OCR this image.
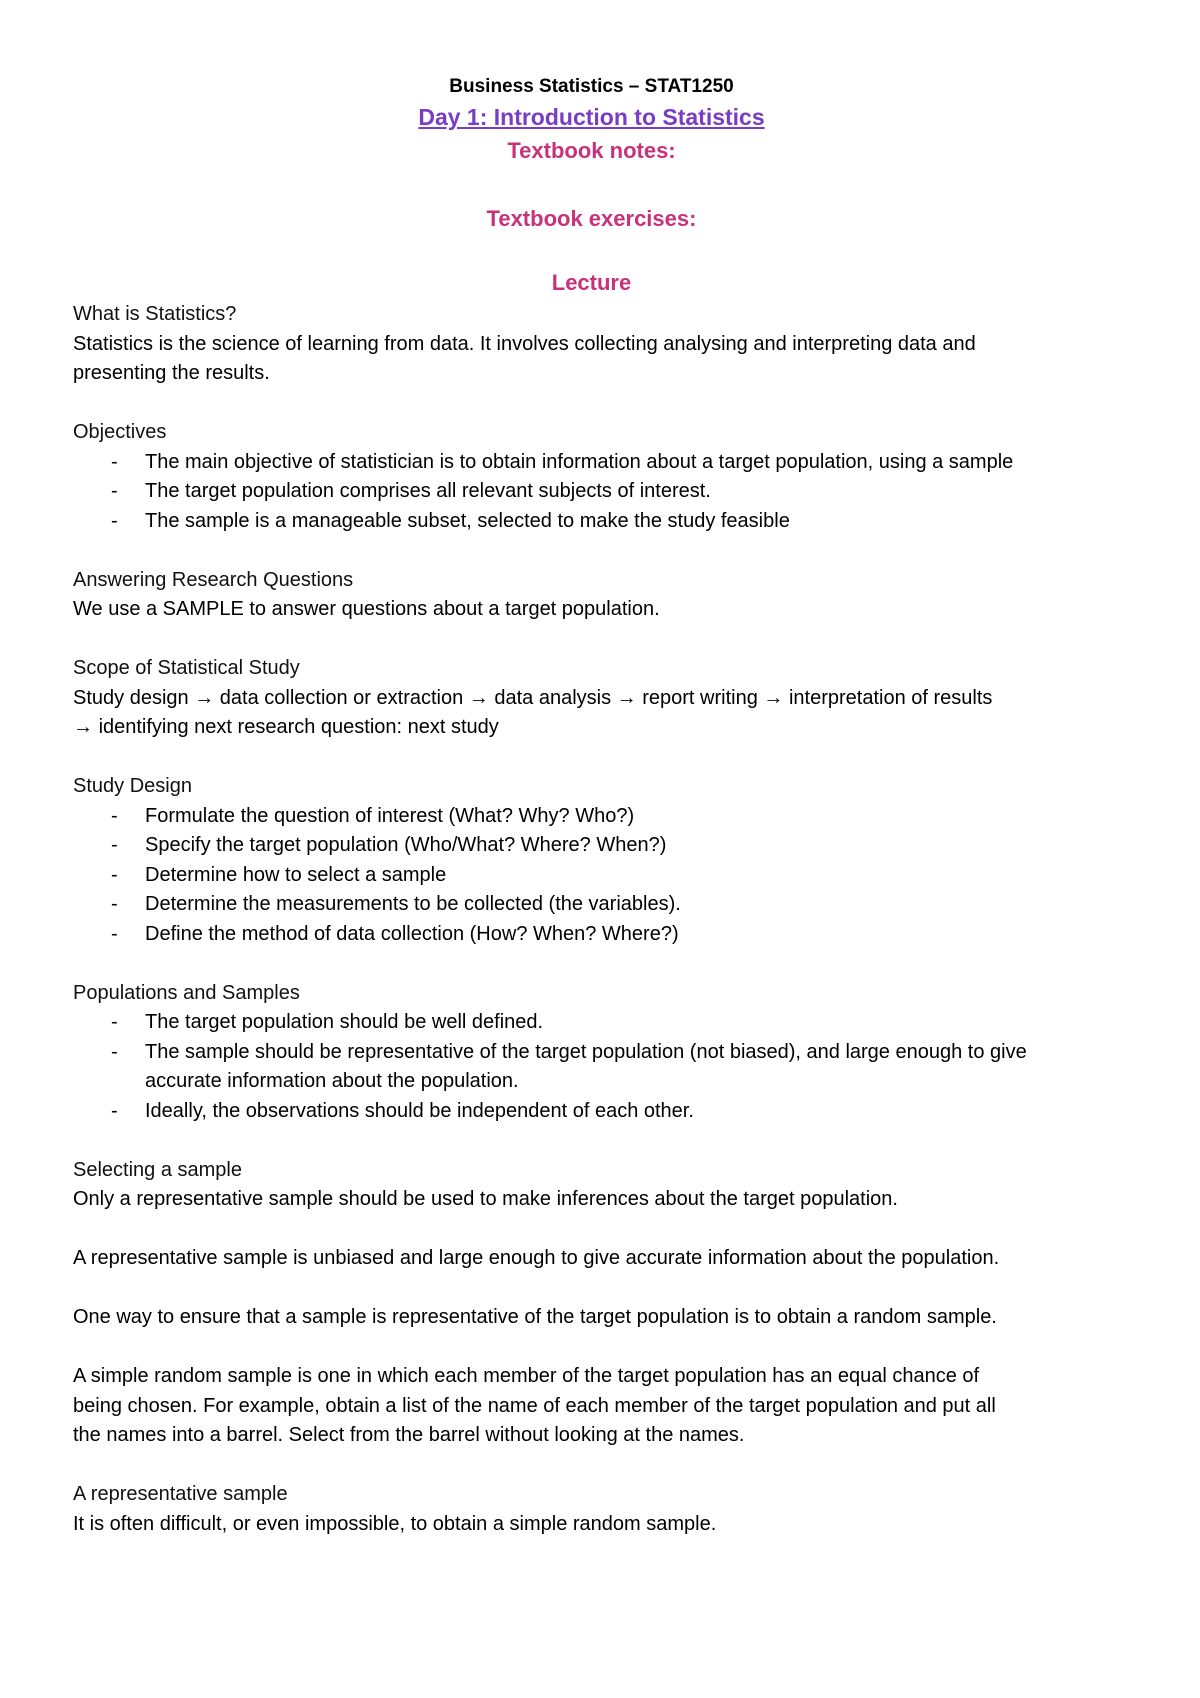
Business Statistics – STAT1250

Day 1: Introduction to Statistics

Textbook notes:

Textbook exercises:

Lecture

What is Statistics?

Statistics is the science of learning from data. It involves collecting analysing and interpreting data and

presenting the results.

Objectives

- The main objective of statistician is to obtain information about a target population, using a sample
- The target population comprises all relevant subjects of interest.
- The sample is a manageable subset, selected to make the study feasible

Answering Research Questions

We use a SAMPLE to answer questions about a target population.

Scope of Statistical Study

Study design → data collection or extraction → data analysis → report writing → interpretation of results

→ identifying next research question: next study

Study Design

- Formulate the question of interest (What? Why? Who?)
- Specify the target population (Who/What? Where? When?)
- Determine how to select a sample
- Determine the measurements to be collected (the variables).
- Define the method of data collection (How? When? Where?)

Populations and Samples

- The target population should be well defined.
- The sample should be representative of the target population (not biased), and large enough to give
accurate information about the population.
- Ideally, the observations should be independent of each other.

Selecting a sample

Only a representative sample should be used to make inferences about the target population.

A representative sample is unbiased and large enough to give accurate information about the population.

One way to ensure that a sample is representative of the target population is to obtain a random sample.

A simple random sample is one in which each member of the target population has an equal chance of

being chosen. For example, obtain a list of the name of each member of the target population and put all

the names into a barrel. Select from the barrel without looking at the names.

A representative sample

It is often difficult, or even impossible, to obtain a simple random sample.
